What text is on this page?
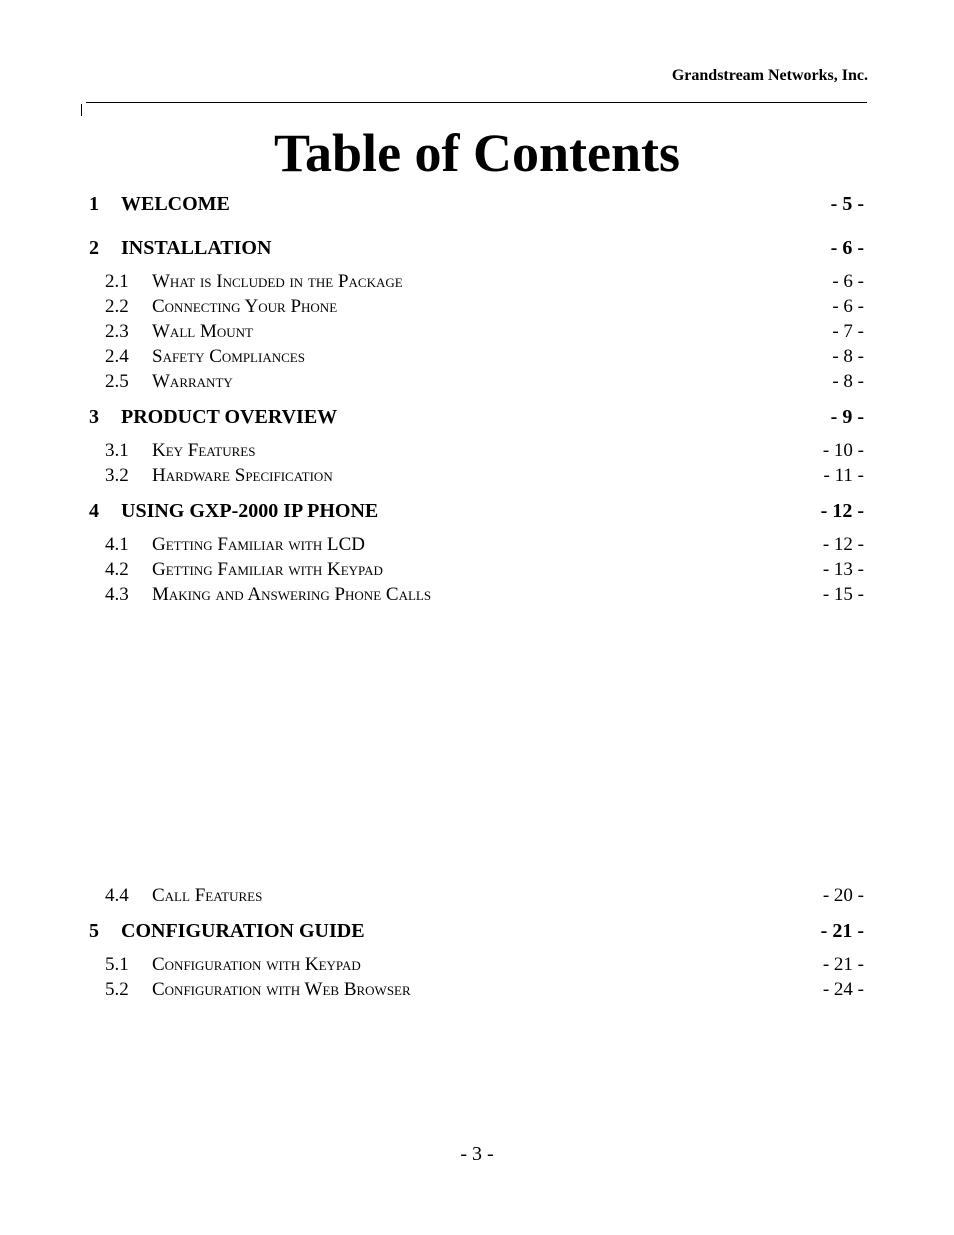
Grandstream Networks, Inc.
Table of Contents
1	WELCOME	- 5 -
2	INSTALLATION	- 6 -
2.1	What is Included in the Package	- 6 -
2.2	Connecting Your Phone	- 6 -
2.3	Wall Mount	- 7 -
2.4	Safety Compliances	- 8 -
2.5	Warranty	- 8 -
3	PRODUCT OVERVIEW	- 9 -
3.1	Key Features	- 10 -
3.2	Hardware Specification	- 11 -
4	USING GXP-2000 IP PHONE	- 12 -
4.1	Getting Familiar with LCD	- 12 -
4.2	Getting Familiar with Keypad	- 13 -
4.3	Making and Answering Phone Calls	- 15 -
4.4	Call Features	- 20 -
5	CONFIGURATION GUIDE	- 21 -
5.1	Configuration with Keypad	- 21 -
5.2	Configuration with Web Browser	- 24 -
- 3 -
